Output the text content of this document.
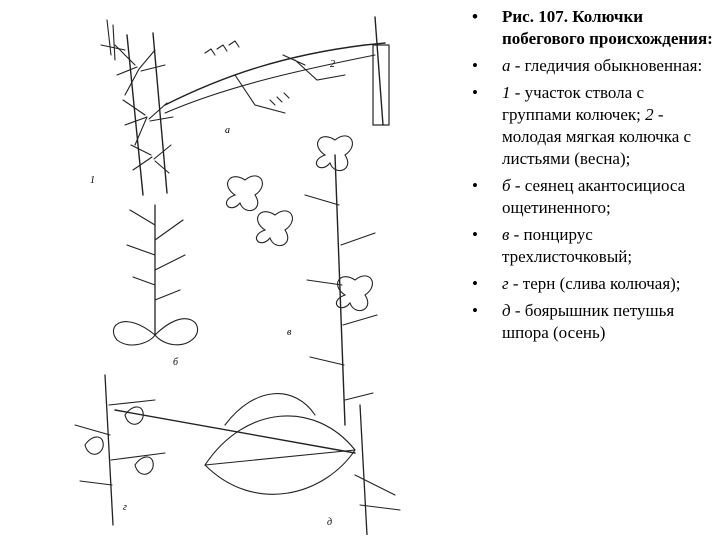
1
2
а
б
в
г
д
• Рис. 107. Колючки побегового происхождения:
• а - гледичия обыкновенная:
• 1 - участок ствола с группами колючек; 2 - молодая мягкая колючка с листьями (весна);
• б - сеянец акантосициоса ощетиненного;
• в - понцирус трехлисточковый;
• г - терн (слива колючая);
• д - боярышник петушья шпора (осень)
